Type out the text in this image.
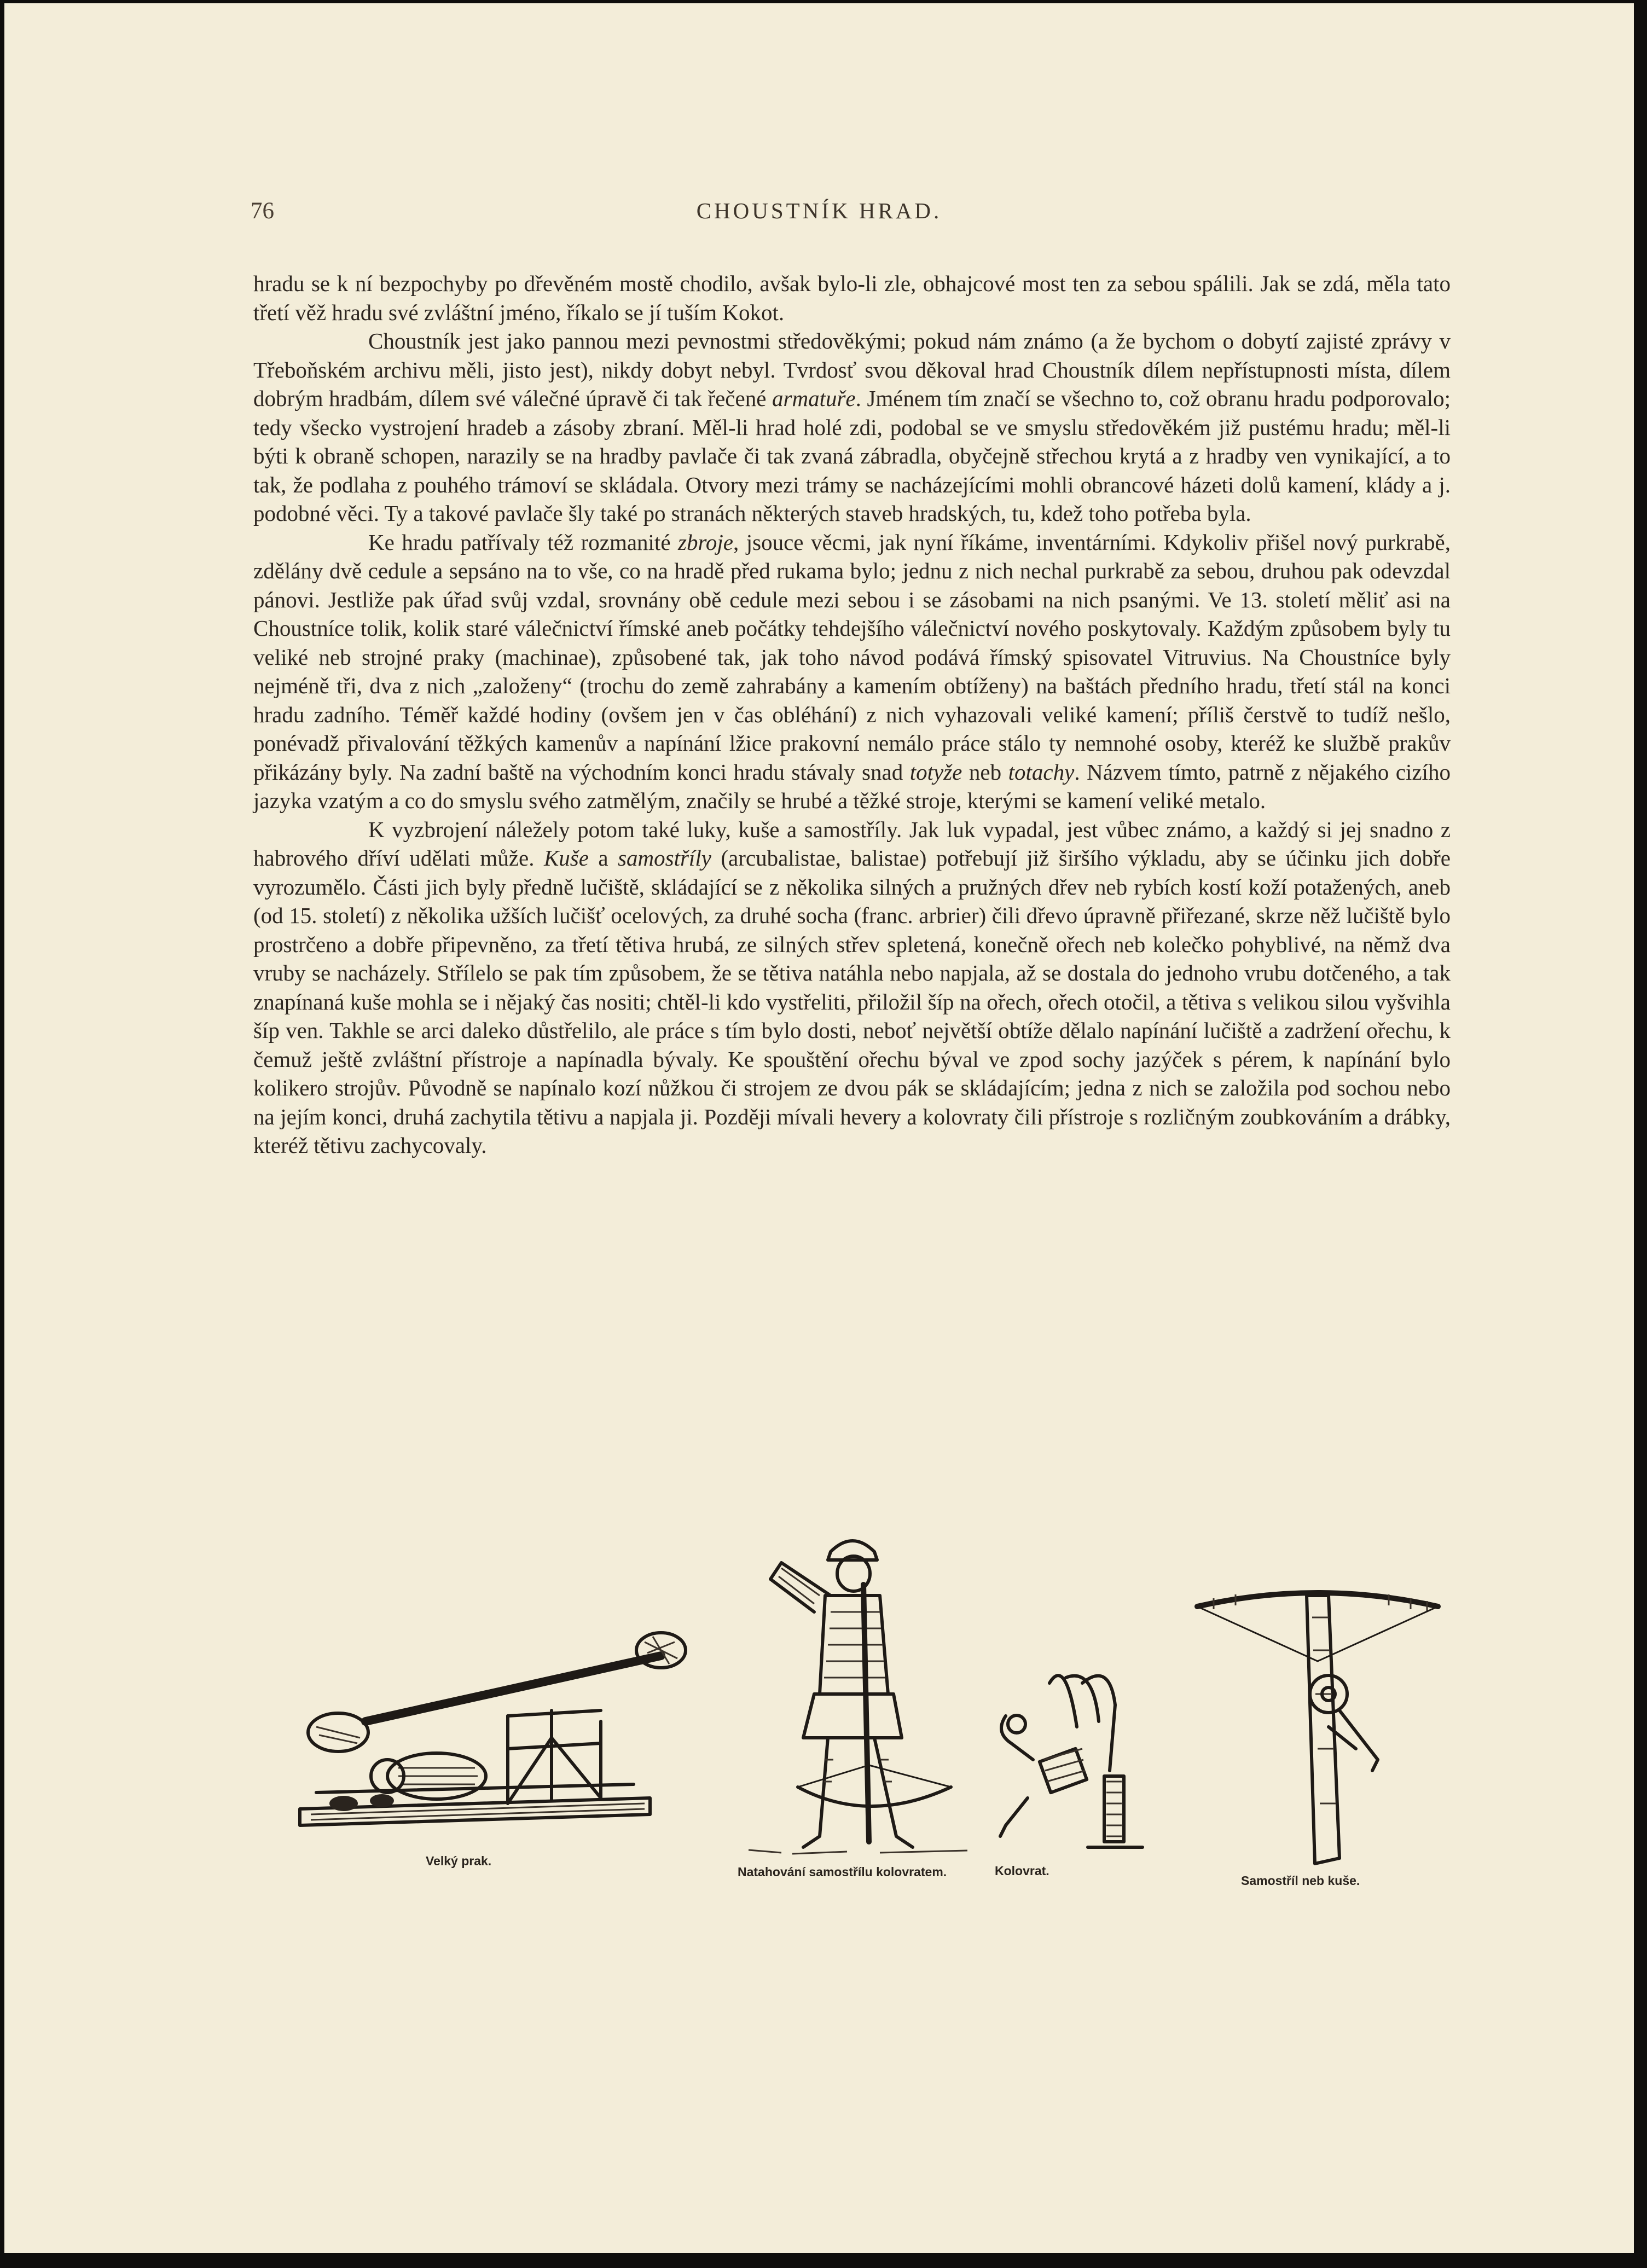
76	CHOUSTNÍK HRAD.

hradu se k ní bezpochyby po dřevěném mostě chodilo, avšak bylo-li zle, obhajcové most ten za sebou spálili. Jak se zdá, měla tato třetí věž hradu své zvláštní jméno, říkalo se jí tuším Kokot.

Choustník jest jako pannou mezi pevnostmi středověkými; pokud nám známo (a že bychom o dobytí zajisté zprávy v Třeboňském archivu měli, jisto jest), nikdy dobyt nebyl. Tvrdosť svou děkoval hrad Choustník dílem nepřístupnosti místa, dílem dobrým hradbám, dílem své válečné úpravě či tak řečené armatuře. Jménem tím značí se všechno to, což obranu hradu podporovalo; tedy všecko vystrojení hradeb a zásoby zbraní. Měl-li hrad holé zdi, podobal se ve smyslu středověkém již pustému hradu; měl-li býti k obraně schopen, narazily se na hradby pavlače či tak zvaná zábradla, obyčejně střechou krytá a z hradby ven vynikající, a to tak, že podlaha z pouhého trámoví se skládala. Otvory mezi trámy se nacházejícími mohli obrancové házeti dolů kamení, klády a j. podobné věci. Ty a takové pavlače šly také po stranách některých staveb hradských, tu, kdež toho potřeba byla.

Ke hradu patřívaly též rozmanité zbroje, jsouce věcmi, jak nyní říkáme, inventárními. Kdykoliv přišel nový purkrabě, zdělány dvě cedule a sepsáno na to vše, co na hradě před rukama bylo; jednu z nich nechal purkrabě za sebou, druhou pak odevzdal pánovi. Jestliže pak úřad svůj vzdal, srovnány obě cedule mezi sebou i se zásobami na nich psanými. Ve 13. století měliť asi na Choustníce tolik, kolik staré válečnictví římské aneb počátky tehdejšího válečnictví nového poskytovaly. Každým způsobem byly tu veliké neb strojné praky (machinae), způsobené tak, jak toho návod podává římský spisovatel Vitruvius. Na Choustníce byly nejméně tři, dva z nich „založeny“ (trochu do země zahrabány a kamením obtíženy) na baštách předního hradu, třetí stál na konci hradu zadního. Téměř každé hodiny (ovšem jen v čas obléhání) z nich vyhazovali veliké kamení; příliš čerstvě to tudíž nešlo, ponévadž přivalování těžkých kamenův a napínání lžice prakovní nemálo práce stálo ty nemnohé osoby, kteréž ke službě prakův přikázány byly. Na zadní baště na východním konci hradu stávaly snad totyže neb totachy. Názvem tímto, patrně z nějakého cizího jazyka vzatým a co do smyslu svého zatmělým, značily se hrubé a těžké stroje, kterými se kamení veliké metalo.

K vyzbrojení náležely potom také luky, kuše a samostříly. Jak luk vypadal, jest vůbec známo, a každý si jej snadno z habrového dříví udělati může. Kuše a samostříly (arcubalistae, balistae) potřebují již širšího výkladu, aby se účinku jich dobře vyrozumělo. Části jich byly předně lučiště, skládající se z několika silných a pružných dřev neb rybích kostí koží potažených, aneb (od 15. století) z několika užších lučišť ocelových, za druhé socha (franc. arbrier) čili dřevo úpravně přiřezané, skrze něž lučiště bylo prostrčeno a dobře připevněno, za třetí tětiva hrubá, ze silných střev spletená, konečně ořech neb kolečko pohyblivé, na němž dva vruby se nacházely. Střílelo se pak tím způsobem, že se tětiva natáhla nebo napjala, až se dostala do jednoho vrubu dotčeného, a tak znapínaná kuše mohla se i nějaký čas nositi; chtěl-li kdo vystřeliti, přiložil šíp na ořech, ořech otočil, a tětiva s velikou silou vyšvihla šíp ven. Takhle se arci daleko důstřelilo, ale práce s tím bylo dosti, neboť největší obtíže dělalo napínání lučiště a zadržení ořechu, k čemuž ještě zvláštní přístroje a napínadla bývaly. Ke spouštění ořechu býval ve zpod sochy jazýček s pérem, k napínání bylo kolikero strojův. Původně se napínalo kozí nůžkou či strojem ze dvou pák se skládajícím; jedna z nich se založila pod sochou nebo na jejím konci, druhá zachytila tětivu a napjala ji. Později mívali hevery a kolovraty čili přístroje s rozličným zoubkováním a drábky, kteréž tětivu zachycovaly.

Velký prak.
Natahování samostřílu kolovratem.	Kolovrat.
Samostříl neb kuše.
